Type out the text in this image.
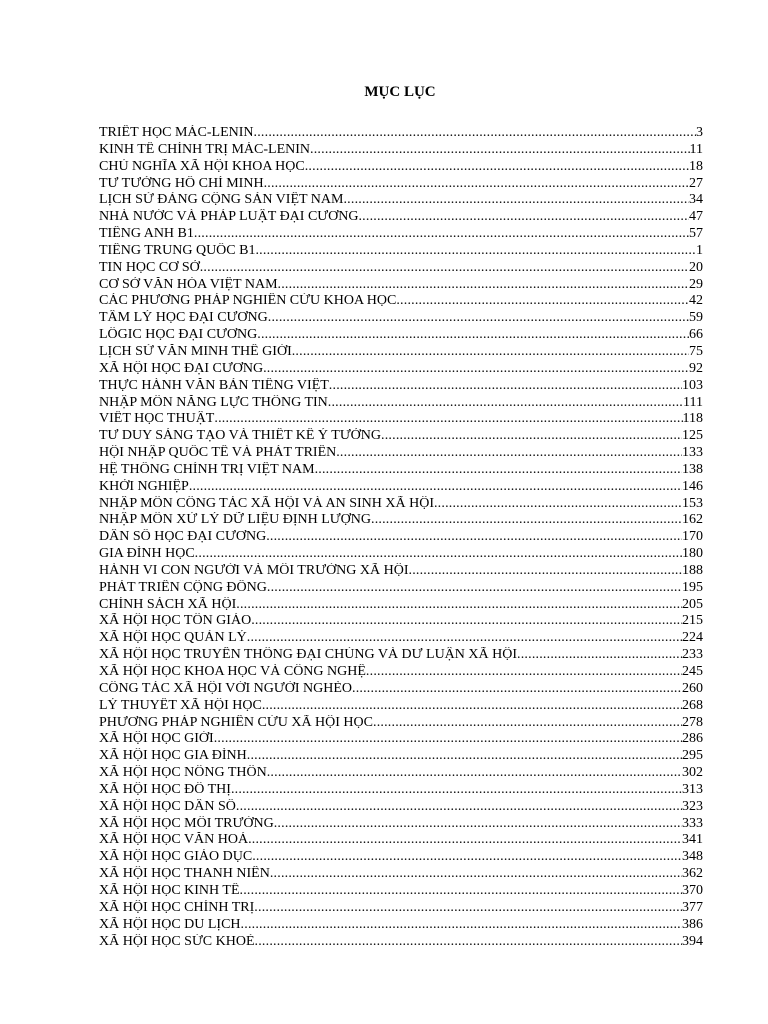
MỤC LỤC
TRIẾT HỌC MÁC-LENIN .....	3
KINH TẾ CHÍNH TRỊ MÁC-LENIN .....	11
CHỦ NGHĨA XÃ HỘI KHOA HỌC .....	18
TƯ TƯỞNG HỒ CHÍ MINH .....	27
LỊCH SỬ ĐẢNG CỘNG SẢN VIỆT NAM .....	34
NHÀ NƯỚC VÀ PHÁP LUẬT ĐẠI CƯƠNG .....	47
TIẾNG ANH B1 .....	57
TIẾNG TRUNG QUỐC B1 .....	1
TIN HỌC CƠ SỞ .....	20
CƠ SỞ VĂN HÓA VIỆT NAM .....	29
CÁC PHƯƠNG PHÁP NGHIÊN CỨU KHOA HỌC .....	42
TÂM LÝ HỌC ĐẠI CƯƠNG .....	59
LÔGIC HỌC ĐẠI CƯƠNG .....	66
LỊCH SỬ VĂN MINH THẾ GIỚI .....	75
XÃ HỘI HỌC ĐẠI CƯƠNG .....	92
THỰC HÀNH VĂN BẢN TIẾNG VIỆT .....	103
NHẬP MÔN NĂNG LỰC THÔNG TIN .....	111
VIẾT HỌC THUẬT .....	118
TƯ DUY SÁNG TẠO VÀ THIẾT KẾ Ý TƯỞNG .....	125
HỘI NHẬP QUỐC TẾ VÀ PHÁT TRIỂN .....	133
HỆ THỐNG CHÍNH TRỊ VIỆT NAM .....	138
KHỞI NGHIỆP .....	146
NHẬP MÔN CÔNG TÁC XÃ HỘI VÀ AN SINH XÃ HỘI .....	153
NHẬP MÔN XỬ LÝ DỮ LIỆU ĐỊNH LƯỢNG .....	162
DÂN SỐ HỌC ĐẠI CƯƠNG .....	170
GIA ĐÌNH HỌC .....	180
HÀNH VI CON NGƯỜI VÀ MÔI TRƯỜNG XÃ HỘI .....	188
PHÁT TRIỂN CỘNG ĐỒNG .....	195
CHÍNH SÁCH XÃ HỘI .....	205
XÃ HỘI HỌC TÔN GIÁO .....	215
XÃ HỘI HỌC QUẢN LÝ .....	224
XÃ HỘI HỌC TRUYỀN THÔNG ĐẠI CHÚNG VÀ DƯ LUẬN XÃ HỘI .....	233
XÃ HỘI HỌC KHOA HỌC VÀ CÔNG NGHỆ .....	245
CÔNG TÁC XÃ HỘI VỚI NGƯỜI NGHÈO .....	260
LÝ THUYẾT XÃ HỘI HỌC .....	268
PHƯƠNG PHÁP NGHIÊN CỨU XÃ HỘI HỌC .....	278
XÃ HỘI HỌC GIỚI .....	286
XÃ HỘI HỌC GIA ĐÌNH .....	295
XÃ HỘI HỌC NÔNG THÔN .....	302
XÃ HỘI HỌC ĐÔ THỊ .....	313
XÃ HỘI HỌC DÂN SỐ .....	323
XÃ HỘI HỌC MÔI TRƯỜNG .....	333
XÃ HỘI HỌC VĂN HOÁ .....	341
XÃ HỘI HỌC GIÁO DỤC .....	348
XÃ HỘI HỌC THANH NIÊN .....	362
XÃ HỘI HỌC KINH TẾ .....	370
XÃ HỘI HỌC CHÍNH TRỊ .....	377
XÃ HỘI HỌC DU LỊCH .....	386
XÃ HỘI HỌC SỨC KHOẺ .....	394
